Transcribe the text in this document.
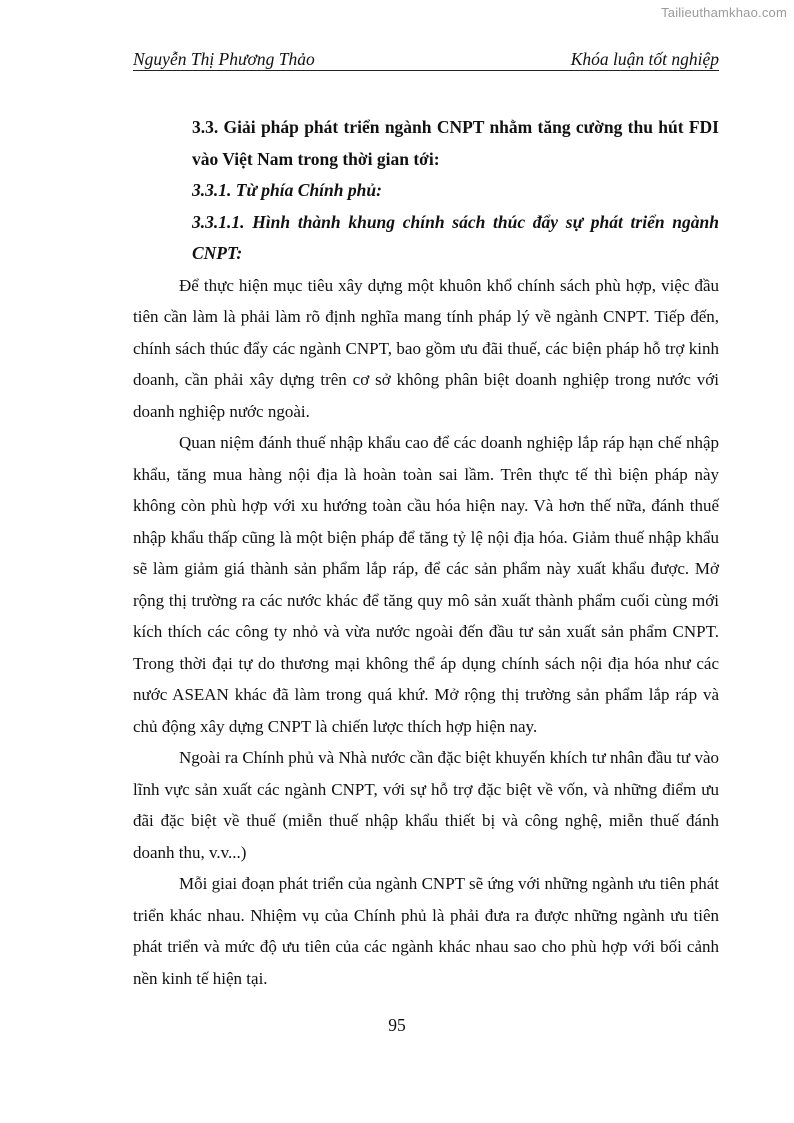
Tailieuthamkhao.com
Nguyễn Thị Phương Thảo	Khóa luận tốt nghiệp
3.3. Giải pháp phát triển ngành CNPT nhằm tăng cường thu hút FDI vào Việt Nam trong thời gian tới:
3.3.1. Từ phía Chính phủ:
3.3.1.1. Hình thành khung chính sách thúc đẩy sự phát triển ngành CNPT:

Để thực hiện mục tiêu xây dựng một khuôn khổ chính sách phù hợp, việc đầu tiên cần làm là phải làm rõ định nghĩa mang tính pháp lý về ngành CNPT. Tiếp đến, chính sách thúc đẩy các ngành CNPT, bao gồm ưu đãi thuế, các biện pháp hỗ trợ kinh doanh, cần phải xây dựng trên cơ sở không phân biệt doanh nghiệp trong nước với doanh nghiệp nước ngoài.

Quan niệm đánh thuế nhập khẩu cao để các doanh nghiệp lắp ráp hạn chế nhập khẩu, tăng mua hàng nội địa là hoàn toàn sai lầm. Trên thực tế thì biện pháp này không còn phù hợp với xu hướng toàn cầu hóa hiện nay. Và hơn thế nữa, đánh thuế nhập khẩu thấp cũng là một biện pháp để tăng tỷ lệ nội địa hóa. Giảm thuế nhập khẩu sẽ làm giảm giá thành sản phẩm lắp ráp, để các sản phẩm này xuất khẩu được. Mở rộng thị trường ra các nước khác để tăng quy mô sản xuất thành phẩm cuối cùng mới kích thích các công ty nhỏ và vừa nước ngoài đến đầu tư sản xuất sản phẩm CNPT. Trong thời đại tự do thương mại không thể áp dụng chính sách nội địa hóa như các nước ASEAN khác đã làm trong quá khứ. Mở rộng thị trường sản phẩm lắp ráp và chủ động xây dựng CNPT là chiến lược thích hợp hiện nay.

Ngoài ra Chính phủ và Nhà nước cần đặc biệt khuyến khích tư nhân đầu tư vào lĩnh vực sản xuất các ngành CNPT, với sự hỗ trợ đặc biệt về vốn, và những điểm ưu đãi đặc biệt về thuế (miễn thuế nhập khẩu thiết bị và công nghệ, miễn thuế đánh doanh thu, v.v...)

Mỗi giai đoạn phát triển của ngành CNPT sẽ ứng với những ngành ưu tiên phát triển khác nhau. Nhiệm vụ của Chính phủ là phải đưa ra được những ngành ưu tiên phát triển và mức độ ưu tiên của các ngành khác nhau sao cho phù hợp với bối cảnh nền kinh tế hiện tại.

95
